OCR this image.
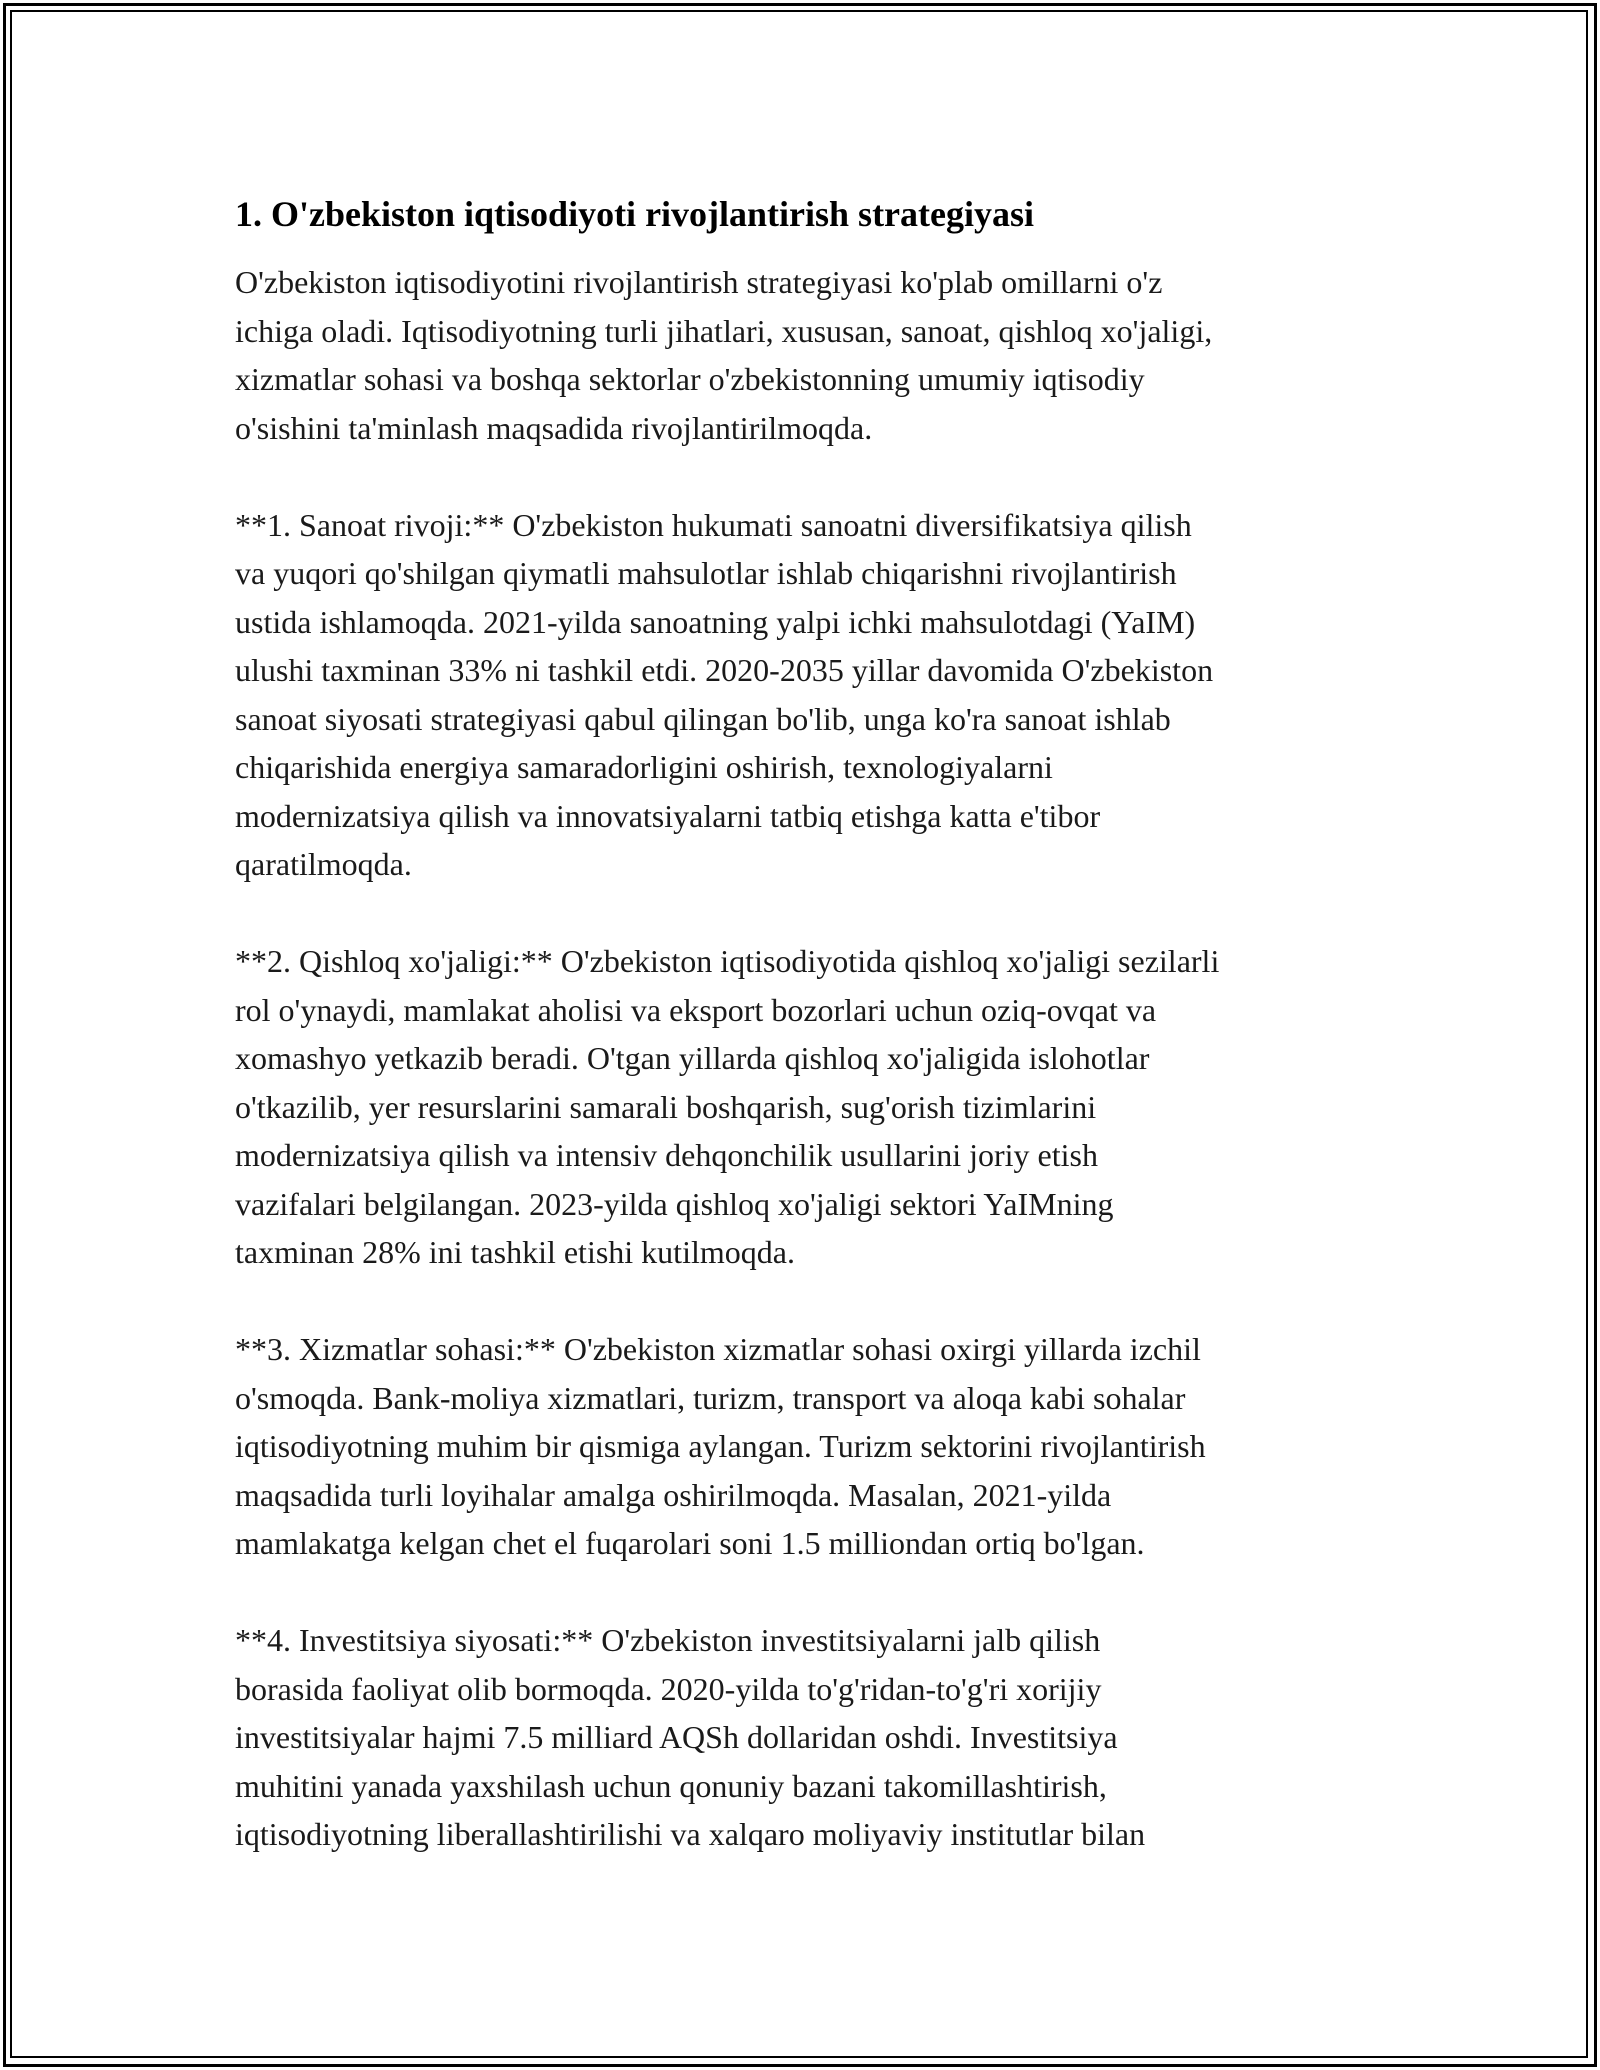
1. O'zbekiston iqtisodiyoti rivojlantirish strategiyasi

O'zbekiston iqtisodiyotini rivojlantirish strategiyasi ko'plab omillarni o'z
ichiga oladi. Iqtisodiyotning turli jihatlari, xususan, sanoat, qishloq xo'jaligi,
xizmatlar sohasi va boshqa sektorlar o'zbekistonning umumiy iqtisodiy
o'sishini ta'minlash maqsadida rivojlantirilmoqda.

**1. Sanoat rivoji:** O'zbekiston hukumati sanoatni diversifikatsiya qilish
va yuqori qo'shilgan qiymatli mahsulotlar ishlab chiqarishni rivojlantirish
ustida ishlamoqda. 2021-yilda sanoatning yalpi ichki mahsulotdagi (YaIM)
ulushi taxminan 33% ni tashkil etdi. 2020-2035 yillar davomida O'zbekiston
sanoat siyosati strategiyasi qabul qilingan bo'lib, unga ko'ra sanoat ishlab
chiqarishida energiya samaradorligini oshirish, texnologiyalarni
modernizatsiya qilish va innovatsiyalarni tatbiq etishga katta e'tibor
qaratilmoqda.

**2. Qishloq xo'jaligi:** O'zbekiston iqtisodiyotida qishloq xo'jaligi sezilarli
rol o'ynaydi, mamlakat aholisi va eksport bozorlari uchun oziq-ovqat va
xomashyo yetkazib beradi. O'tgan yillarda qishloq xo'jaligida islohotlar
o'tkazilib, yer resurslarini samarali boshqarish, sug'orish tizimlarini
modernizatsiya qilish va intensiv dehqonchilik usullarini joriy etish
vazifalari belgilangan. 2023-yilda qishloq xo'jaligi sektori YaIMning
taxminan 28% ini tashkil etishi kutilmoqda.

**3. Xizmatlar sohasi:** O'zbekiston xizmatlar sohasi oxirgi yillarda izchil
o'smoqda. Bank-moliya xizmatlari, turizm, transport va aloqa kabi sohalar
iqtisodiyotning muhim bir qismiga aylangan. Turizm sektorini rivojlantirish
maqsadida turli loyihalar amalga oshirilmoqda. Masalan, 2021-yilda
mamlakatga kelgan chet el fuqarolari soni 1.5 milliondan ortiq bo'lgan.

**4. Investitsiya siyosati:** O'zbekiston investitsiyalarni jalb qilish
borasida faoliyat olib bormoqda. 2020-yilda to'g'ridan-to'g'ri xorijiy
investitsiyalar hajmi 7.5 milliard AQSh dollaridan oshdi. Investitsiya
muhitini yanada yaxshilash uchun qonuniy bazani takomillashtirish,
iqtisodiyotning liberallashtirilishi va xalqaro moliyaviy institutlar bilan
